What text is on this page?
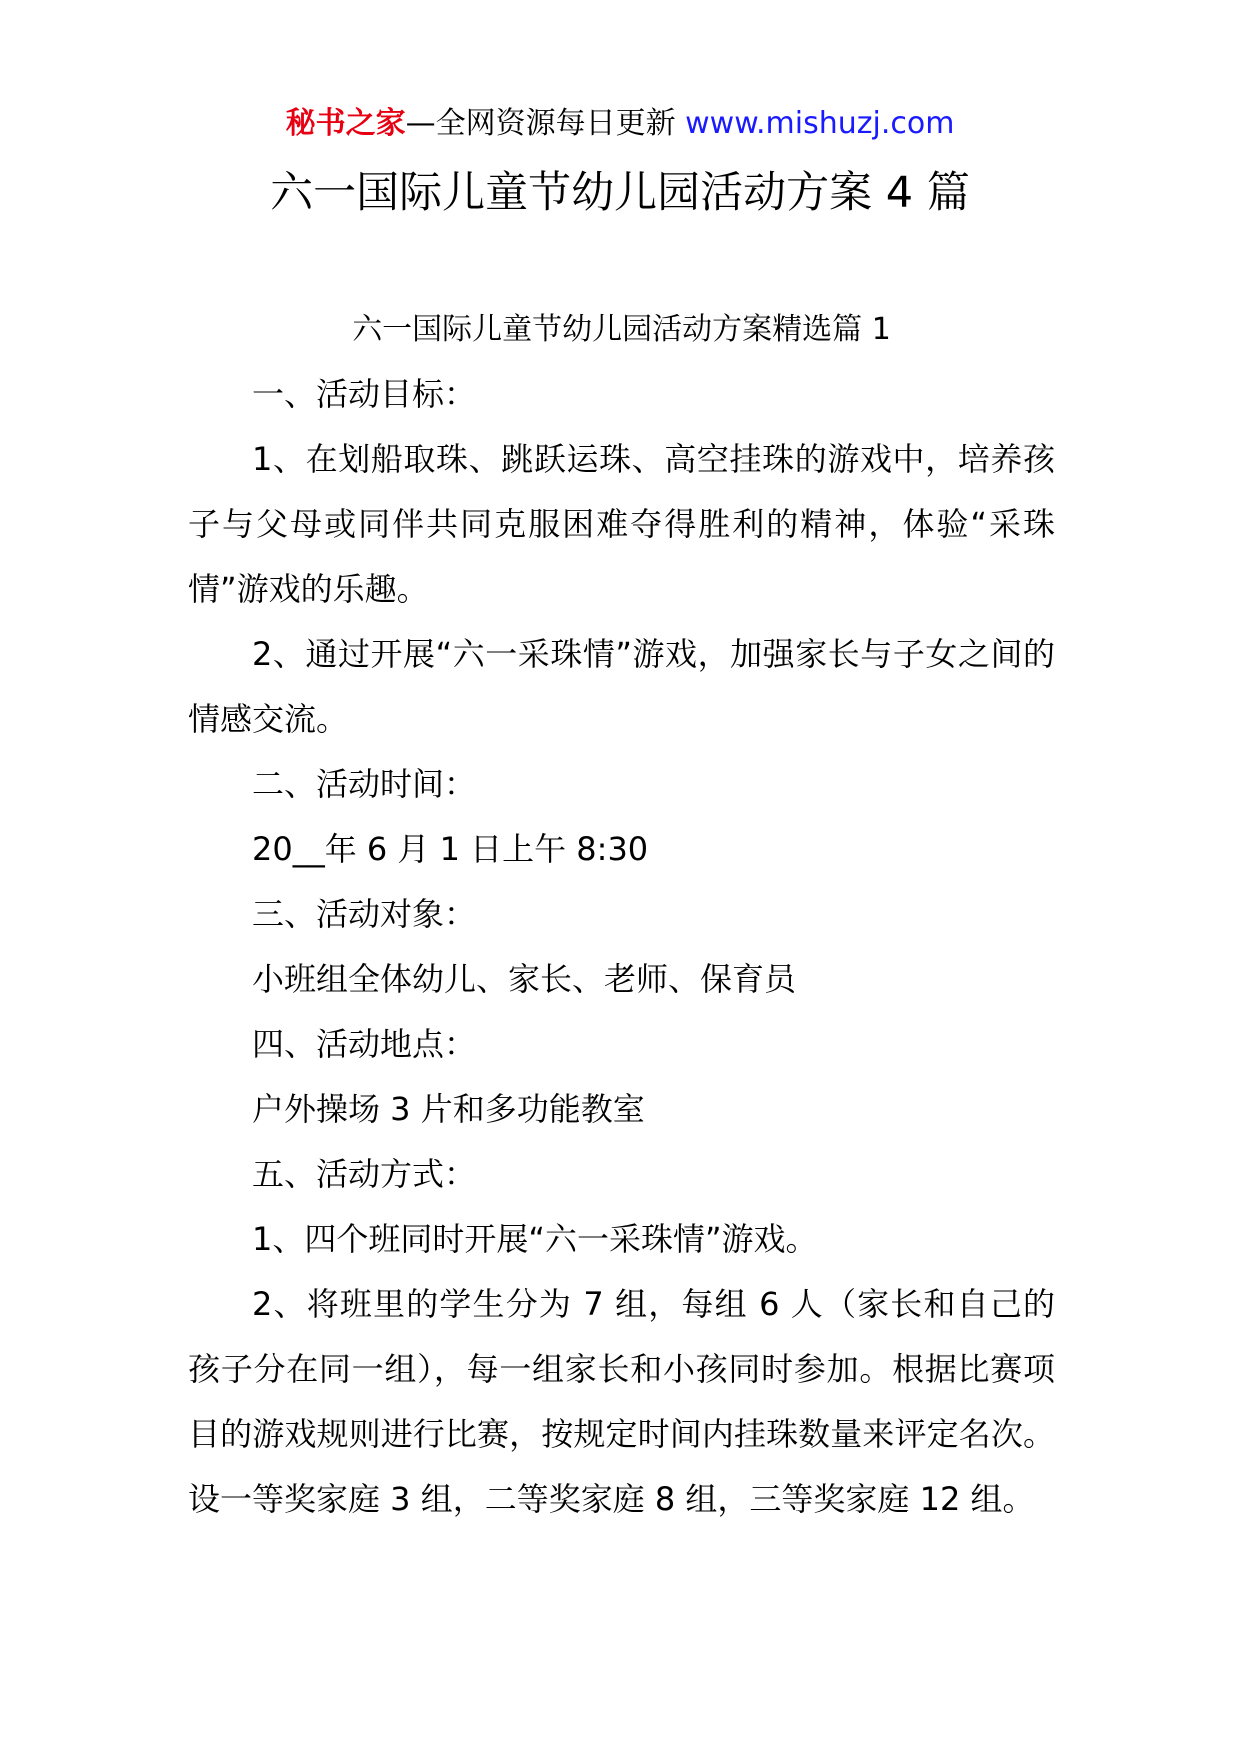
秘书之家—全网资源每日更新 www.mishuzj.com
六一国际儿童节幼儿园活动方案 4 篇

六一国际儿童节幼儿园活动方案精选篇 1

一、活动目标：

1、在划船取珠、跳跃运珠、高空挂珠的游戏中，培养孩子与父母或同伴共同克服困难夺得胜利的精神，体验“采珠情”游戏的乐趣。

2、通过开展“六一采珠情”游戏，加强家长与子女之间的情感交流。

二、活动时间：

20__年 6 月 1 日上午 8:30

三、活动对象：

小班组全体幼儿、家长、老师、保育员

四、活动地点：

户外操场 3 片和多功能教室

五、活动方式：

1、四个班同时开展“六一采珠情”游戏。

2、将班里的学生分为 7 组，每组 6 人（家长和自己的孩子分在同一组），每一组家长和小孩同时参加。根据比赛项目的游戏规则进行比赛，按规定时间内挂珠数量来评定名次。设一等奖家庭 3 组，二等奖家庭 8 组，三等奖家庭 12 组。
